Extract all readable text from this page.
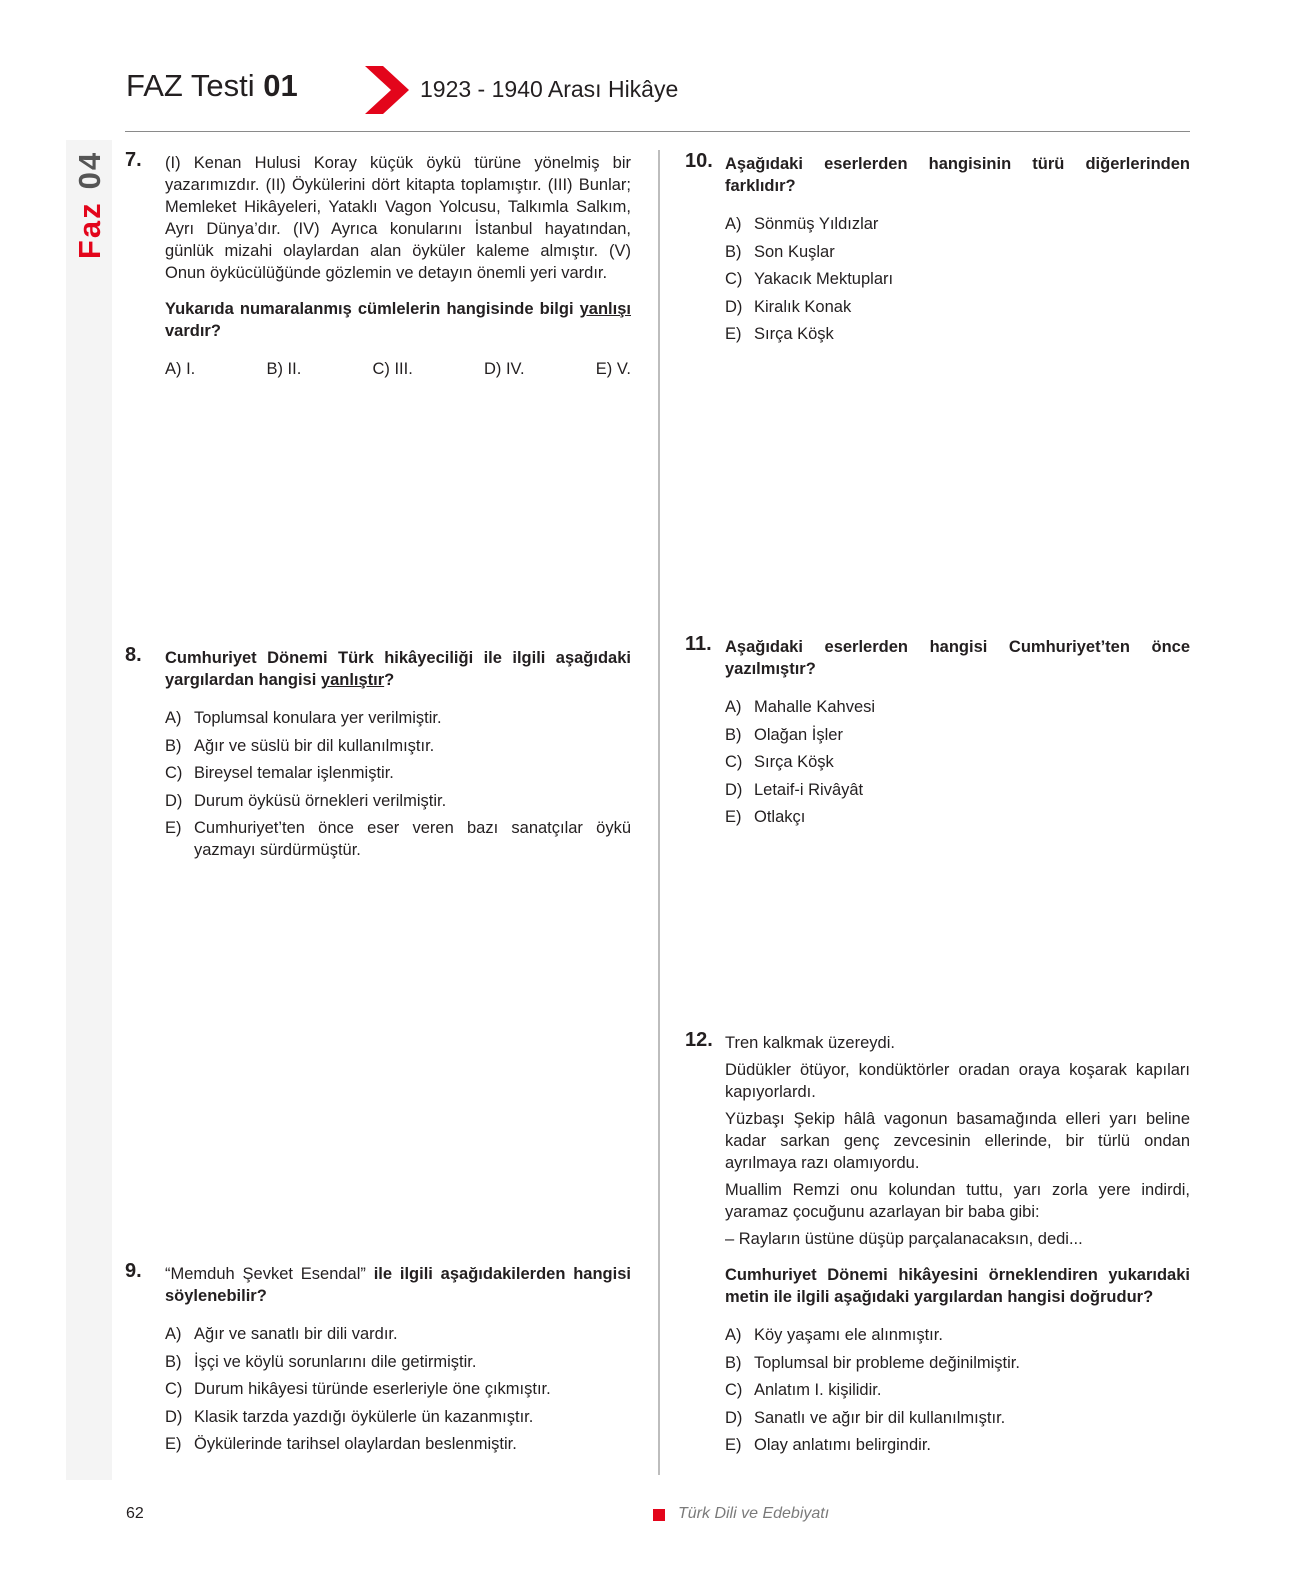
FAZ Testi 01	1923 - 1940 Arası Hikâye
Faz04 7. (I) Kenan Hulusi Koray küçük öykü türüne yönelmiş bir yazarımızdır. (II) Öykülerini dört kitapta toplamıştır. (III) Bunlar; Memleket Hikâyeleri, Yataklı Vagon Yolcusu, Talkımla Salkım, Ayrı Dünya’dır. (IV) Ayrıca konularını İstanbul hayatından, günlük mizahi olaylardan alan öyküler kaleme almıştır. (V) Onun öykücülüğünde gözlemin ve detayın önemli yeri vardır.

Yukarıda numaralanmış cümlelerin hangisinde bilgi yanlışı vardır?

A) I.	B) II.	C) III.	D) IV.	E) V.
8. Cumhuriyet Dönemi Türk hikâyeciliği ile ilgili aşağıdaki yargılardan hangisi yanlıştır?

A) Toplumsal konulara yer verilmiştir.
B) Ağır ve süslü bir dil kullanılmıştır.
C) Bireysel temalar işlenmiştir.
D) Durum öyküsü örnekleri verilmiştir.
E) Cumhuriyet’ten önce eser veren bazı sanatçılar öykü yazmayı sürdürmüştür.
9. “Memduh Şevket Esendal” ile ilgili aşağıdakilerden hangisi söylenebilir?

A) Ağır ve sanatlı bir dili vardır.
B) İşçi ve köylü sorunlarını dile getirmiştir.
C) Durum hikâyesi türünde eserleriyle öne çıkmıştır.
D) Klasik tarzda yazdığı öykülerle ün kazanmıştır.
E) Öykülerinde tarihsel olaylardan beslenmiştir.
10. Aşağıdaki eserlerden hangisinin türü diğerlerinden farklıdır?

A) Sönmüş Yıldızlar
B) Son Kuşlar
C) Yakacık Mektupları
D) Kiralık Konak
E) Sırça Köşk
11. Aşağıdaki eserlerden hangisi Cumhuriyet’ten önce yazılmıştır?

A) Mahalle Kahvesi
B) Olağan İşler
C) Sırça Köşk
D) Letaif-i Rivâyât
E) Otlakçı
12. Tren kalkmak üzereydi.

Düdükler ötüyor, kondüktörler oradan oraya koşarak kapıları kapıyorlardı.

Yüzbaşı Şekip hâlâ vagonun basamağında elleri yarı beline kadar sarkan genç zevcesinin ellerinde, bir türlü ondan ayrılmaya razı olamıyordu.

Muallim Remzi onu kolundan tuttu, yarı zorla yere indirdi, yaramaz çocuğunu azarlayan bir baba gibi:

– Rayların üstüne düşüp parçalanacaksın, dedi...

Cumhuriyet Dönemi hikâyesini örneklendiren yukarıdaki metin ile ilgili aşağıdaki yargılardan hangisi doğrudur?

A) Köy yaşamı ele alınmıştır.
B) Toplumsal bir probleme değinilmiştir.
C) Anlatım I. kişilidir.
D) Sanatlı ve ağır bir dil kullanılmıştır.
E) Olay anlatımı belirgindir.
62	Türk Dili ve Edebiyatı
